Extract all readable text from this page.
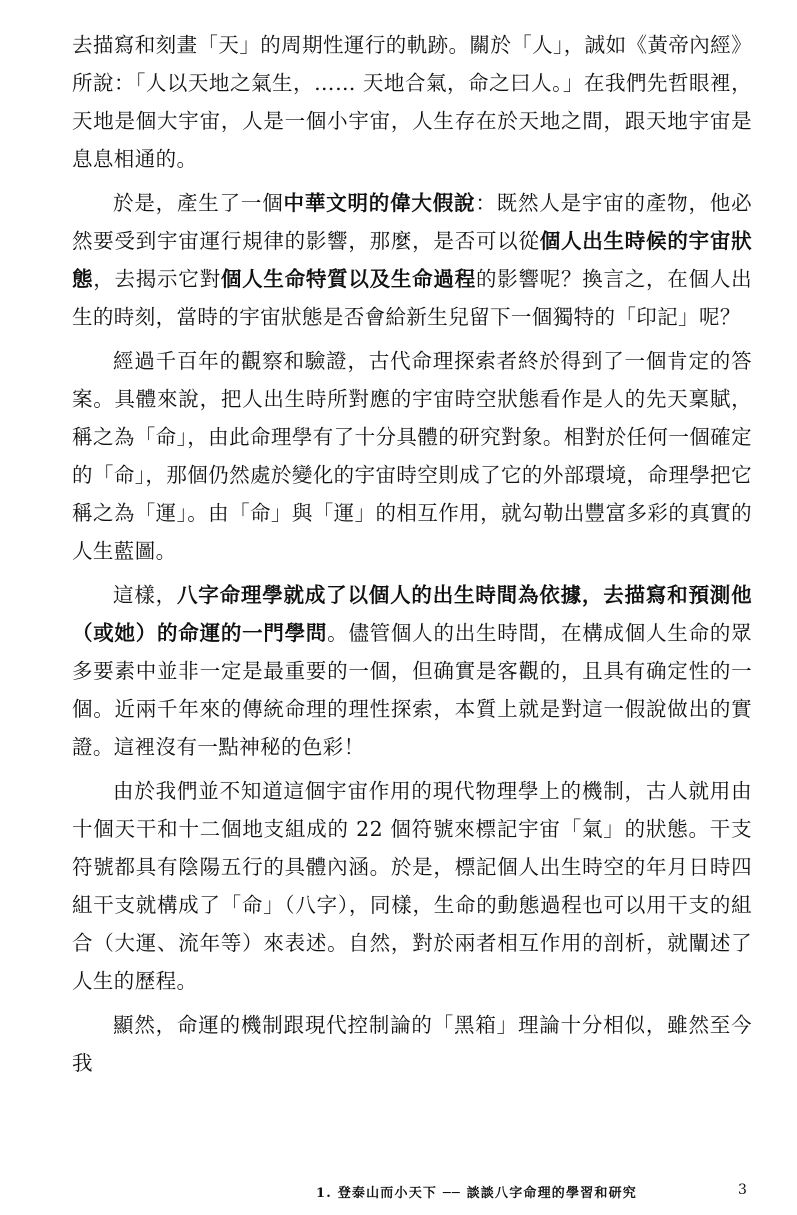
去描寫和刻畫「天」的周期性運行的軌跡。關於「人」，誠如《黃帝內經》所說：「人以天地之氣生，…… 天地合氣，命之曰人。」在我們先哲眼裡，天地是個大宇宙，人是一個小宇宙，人生存在於天地之間，跟天地宇宙是息息相通的。

於是，產生了一個中華文明的偉大假說：既然人是宇宙的產物，他必然要受到宇宙運行規律的影響，那麼，是否可以從個人出生時候的宇宙狀態，去揭示它對個人生命特質以及生命過程的影響呢？換言之，在個人出生的時刻，當時的宇宙狀態是否會給新生兒留下一個獨特的「印記」呢？

經過千百年的觀察和驗證，古代命理探索者終於得到了一個肯定的答案。具體來說，把人出生時所對應的宇宙時空狀態看作是人的先天稟賦，稱之為「命」，由此命理學有了十分具體的研究對象。相對於任何一個確定的「命」，那個仍然處於變化的宇宙時空則成了它的外部環境，命理學把它稱之為「運」。由「命」與「運」的相互作用，就勾勒出豐富多彩的真實的人生藍圖。

這樣，八字命理學就成了以個人的出生時間為依據，去描寫和預測他（或她）的命運的一門學問。儘管個人的出生時間，在構成個人生命的眾多要素中並非一定是最重要的一個，但确實是客觀的，且具有确定性的一個。近兩千年來的傳統命理的理性探索，本質上就是對這一假說做出的實證。這裡沒有一點神秘的色彩！

由於我們並不知道這個宇宙作用的現代物理學上的機制，古人就用由十個天干和十二個地支組成的 22 個符號來標記宇宙「氣」的狀態。干支符號都具有陰陽五行的具體內涵。於是，標記個人出生時空的年月日時四組干支就構成了「命」（八字），同樣，生命的動態過程也可以用干支的組合（大運、流年等）來表述。自然，對於兩者相互作用的剖析，就闡述了人生的歷程。

顯然，命運的機制跟現代控制論的「黑箱」理論十分相似，雖然至今我

1. 登泰山而小天下 ── 談談八字命理的學習和研究	3
